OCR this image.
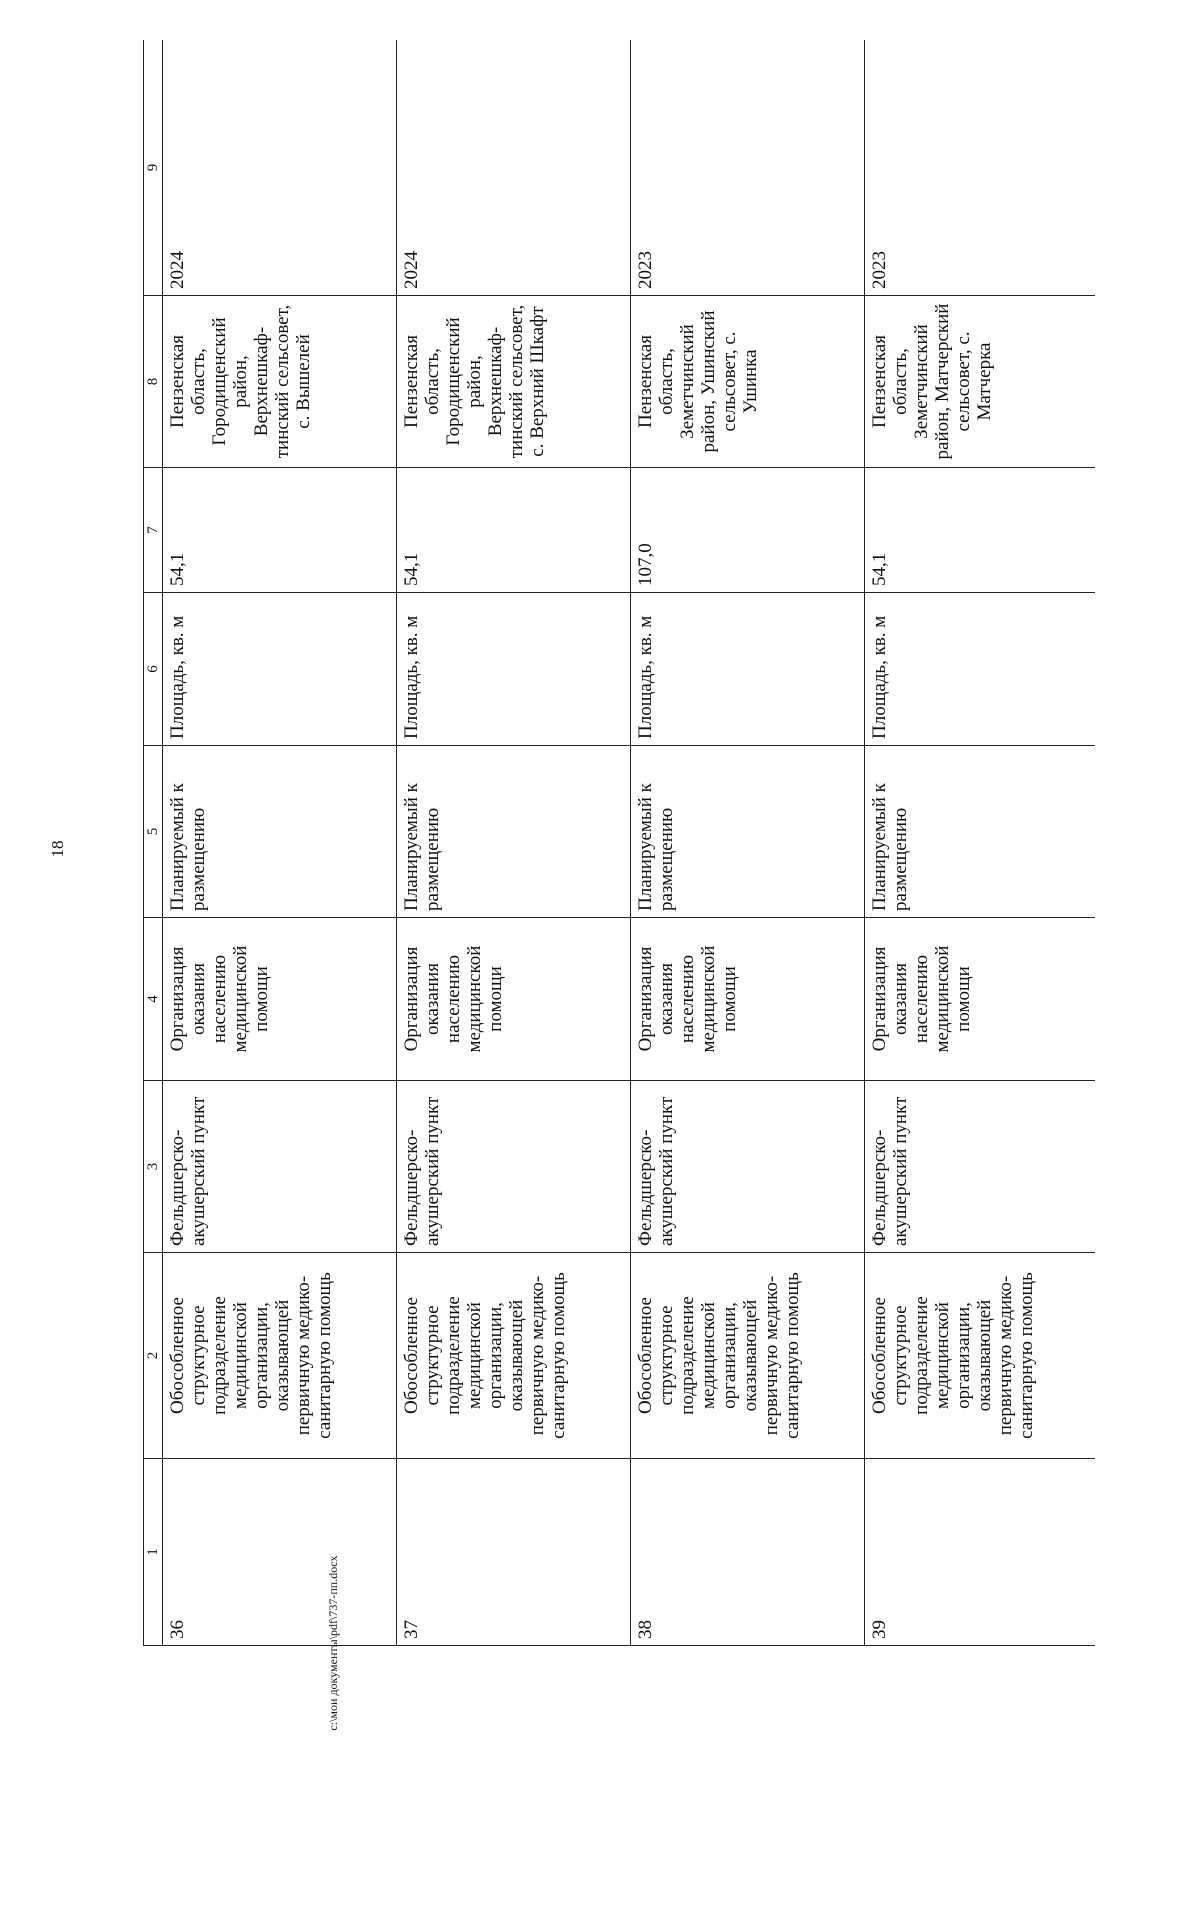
18
1	2	3	4	5	6	7	8	9
36	Обособленное структурное подразделение медицинской организации, оказывающей первичную медико-санитарную помощь	Фельдшерско-акушерский пункт	Организация оказания населению медицинской помощи	Планируемый к размещению	Площадь, кв. м	54,1	Пензенская область, Городищенский район, Верхнешкаф-тинский сельсовет, с. Вышелей	2024
37	Обособленное структурное подразделение медицинской организации, оказывающей первичную медико-санитарную помощь	Фельдшерско-акушерский пункт	Организация оказания населению медицинской помощи	Планируемый к размещению	Площадь, кв. м	54,1	Пензенская область, Городищенский район, Верхнешкаф-тинский сельсовет, с. Верхний Шкафт	2024
38	Обособленное структурное подразделение медицинской организации, оказывающей первичную медико-санитарную помощь	Фельдшерско-акушерский пункт	Организация оказания населению медицинской помощи	Планируемый к размещению	Площадь, кв. м	107,0	Пензенская область, Земетчинский район, Ушинский сельсовет, с. Ушинка	2023
39	Обособленное структурное подразделение медицинской организации, оказывающей первичную медико-санитарную помощь	Фельдшерско-акушерский пункт	Организация оказания населению медицинской помощи	Планируемый к размещению	Площадь, кв. м	54,1	Пензенская область, Земетчинский район, Матчерский сельсовет, с. Матчерка	2023
c:\мои документы\pdf\737-пп.docx
